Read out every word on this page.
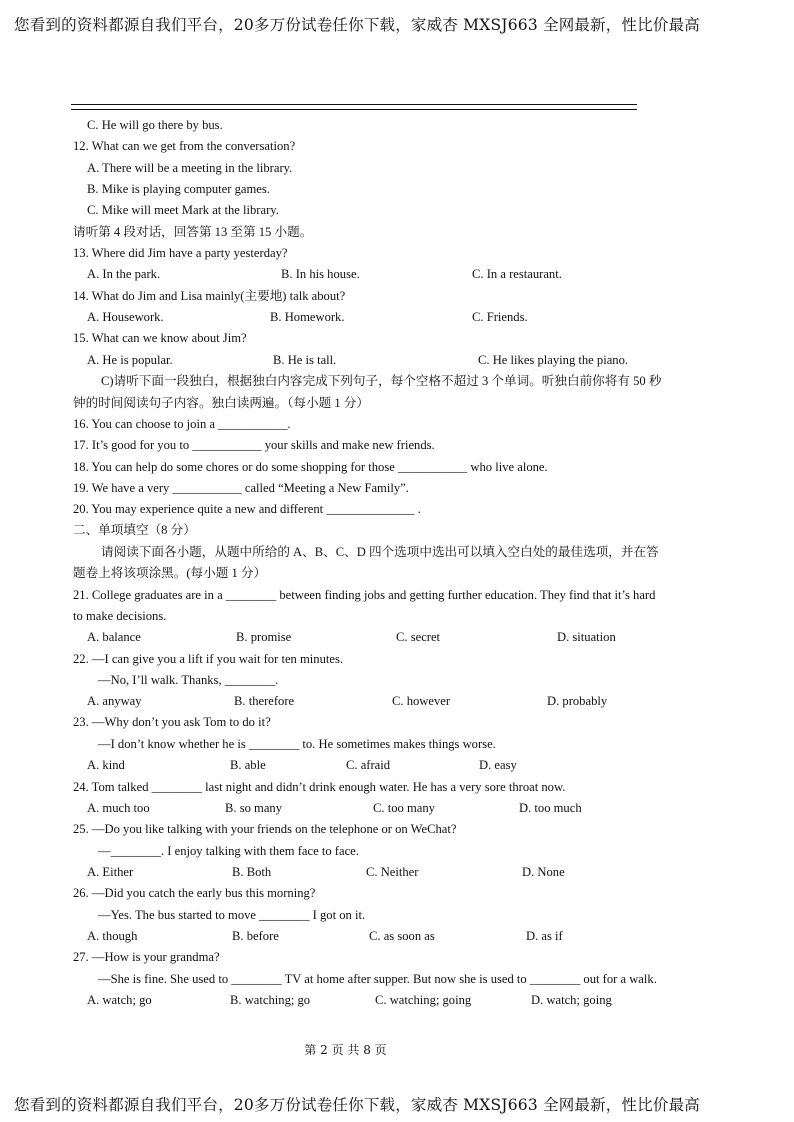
您看到的资料都源自我们平台，20多万份试卷任你下载，家威杏 MXSJ663 全网最新，性比价最高
C. He will go there by bus.
12. What can we get from the conversation?
A. There will be a meeting in the library.
B. Mike is playing computer games.
C. Mike will meet Mark at the library.
请听第 4 段对话，回答第 13 至第 15 小题。
13. Where did Jim have a party yesterday?
A. In the park.	B. In his house.	C. In a restaurant.
14. What do Jim and Lisa mainly(主要地) talk about?
A. Housework.	B. Homework.	C. Friends.
15. What can we know about Jim?
A. He is popular.	B. He is tall.	C. He likes playing the piano.
C)请听下面一段独白，根据独白内容完成下列句子，每个空格不超过 3 个单词。听独白前你将有 50 秒
钟的时间阅读句子内容。独白读两遍。（每小题 1 分）
16. You can choose to join a ___________.
17. It’s good for you to ___________ your skills and make new friends.
18. You can help do some chores or do some shopping for those ___________ who live alone.
19. We have a very ___________ called “Meeting a New Family”.
20. You may experience quite a new and different ______________ .
二、单项填空（8 分）
请阅读下面各小题，从题中所给的 A、B、C、D 四个选项中选出可以填入空白处的最佳选项，并在答
题卷上将该项涂黑。(每小题 1 分）
21. College graduates are in a ________ between finding jobs and getting further education. They find that it’s hard
to make decisions.
A. balance	B. promise	C. secret	D. situation
22. —I can give you a lift if you wait for ten minutes.
—No, I’ll walk. Thanks, ________.
A. anyway	B. therefore	C. however	D. probably
23. —Why don’t you ask Tom to do it?
—I don’t know whether he is ________ to. He sometimes makes things worse.
A. kind	B. able	C. afraid	D. easy
24. Tom talked ________ last night and didn’t drink enough water. He has a very sore throat now.
A. much too	B. so many	C. too many	D. too much
25. —Do you like talking with your friends on the telephone or on WeChat?
—________. I enjoy talking with them face to face.
A. Either	B. Both	C. Neither	D. None
26. —Did you catch the early bus this morning?
—Yes. The bus started to move ________ I got on it.
A. though	B. before	C. as soon as	D. as if
27. —How is your grandma?
—She is fine. She used to ________ TV at home after supper. But now she is used to ________ out for a walk.
A. watch; go	B. watching; go	C. watching; going	D. watch; going
第 2 页 共 8 页
您看到的资料都源自我们平台，20多万份试卷任你下载，家威杏 MXSJ663 全网最新，性比价最高
